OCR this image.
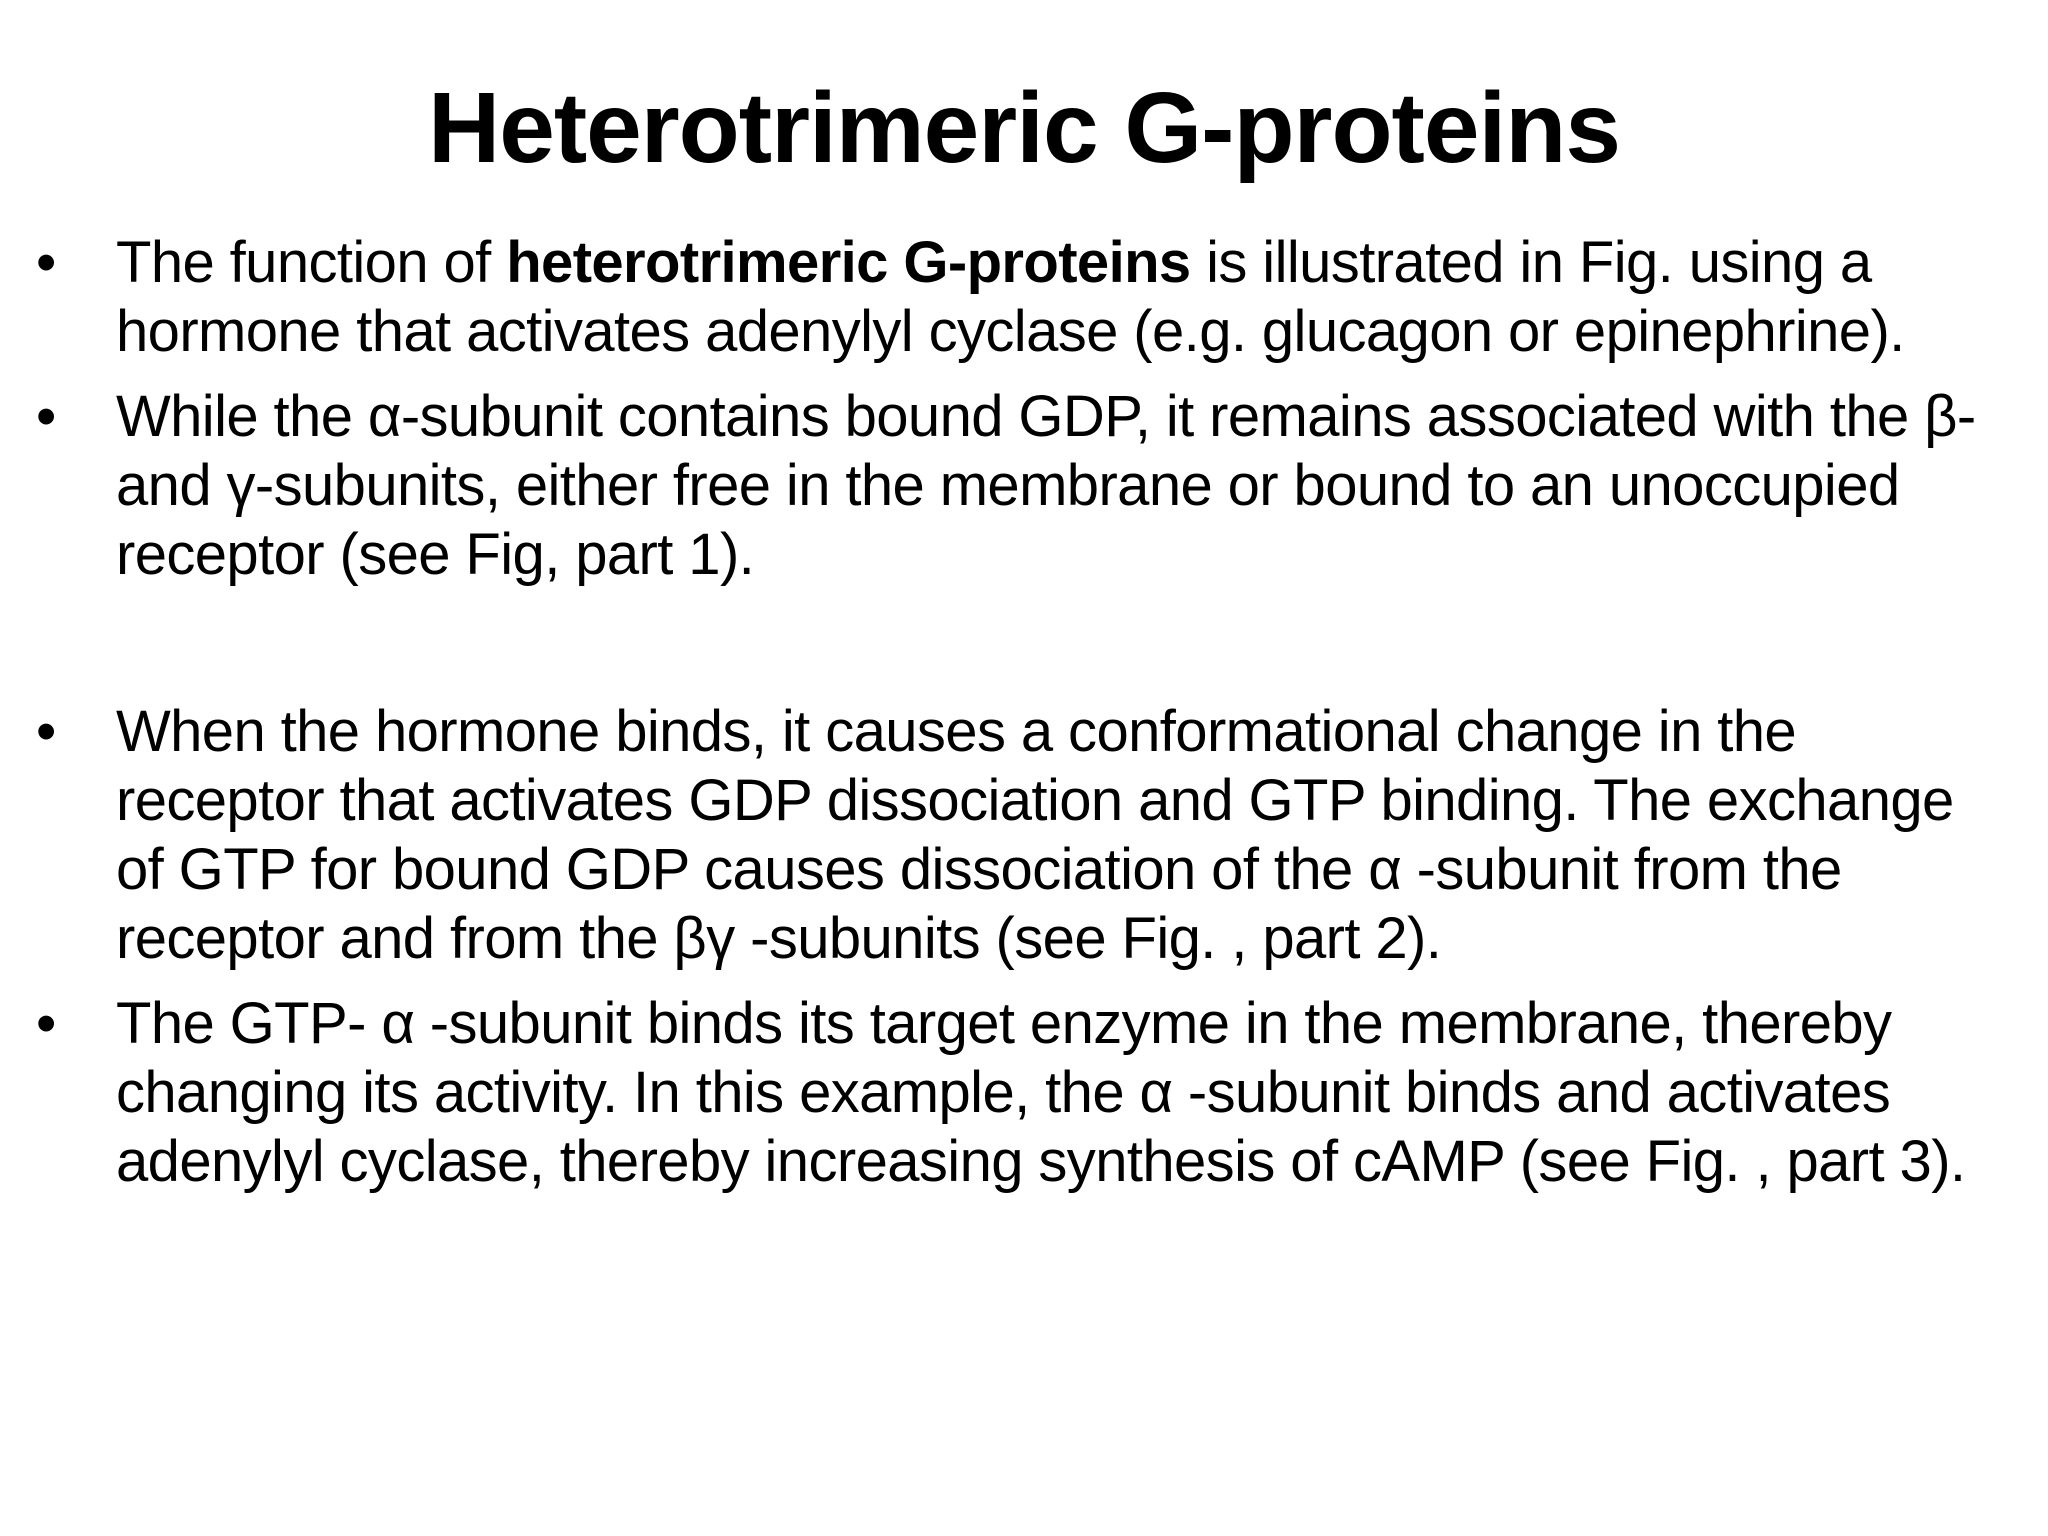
Heterotrimeric G-proteins
• The function of heterotrimeric G-proteins is illustrated in Fig. using a hormone that activates adenylyl cyclase (e.g. glucagon or epinephrine).
• While the α-subunit contains bound GDP, it remains associated with the β- and γ-subunits, either free in the membrane or bound to an unoccupied receptor (see Fig, part 1).
• When the hormone binds, it causes a conformational change in the receptor that activates GDP dissociation and GTP binding. The exchange of GTP for bound GDP causes dissociation of the α -subunit from the receptor and from the βγ -subunits (see Fig. , part 2).
• The GTP- α -subunit binds its target enzyme in the membrane, thereby changing its activity. In this example, the α -subunit binds and activates adenylyl cyclase, thereby increasing synthesis of cAMP (see Fig. , part 3).
